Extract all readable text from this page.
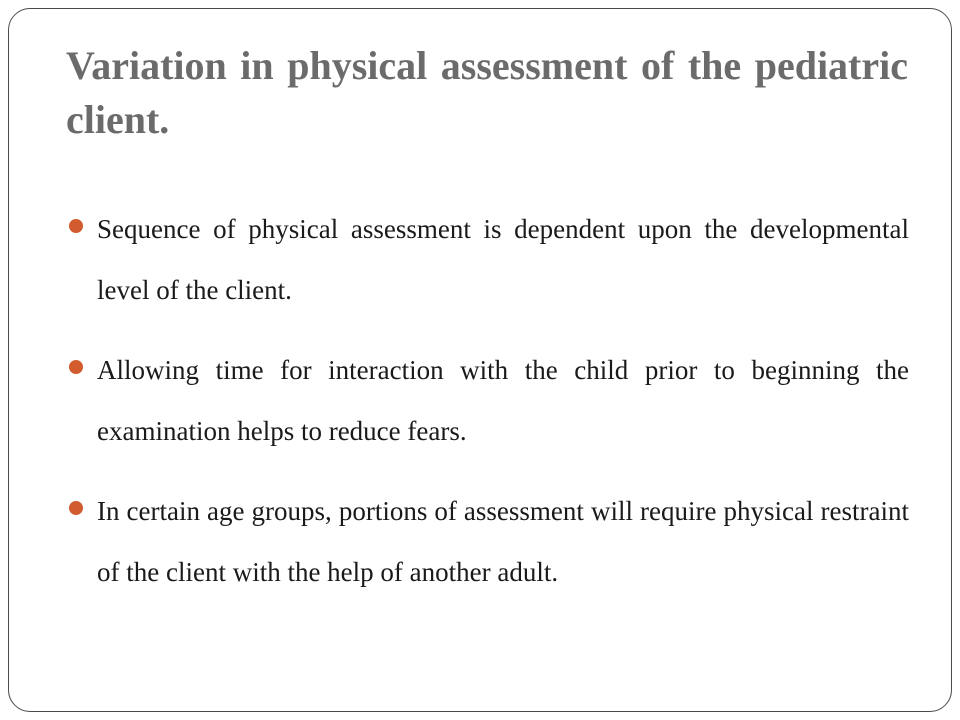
Variation in physical assessment of the pediatric client.
Sequence of physical assessment is dependent upon the developmental level of the client.
Allowing time for interaction with the child prior to beginning the examination helps to reduce fears.
In certain age groups, portions of assessment will require physical restraint of the client with the help of another adult.
